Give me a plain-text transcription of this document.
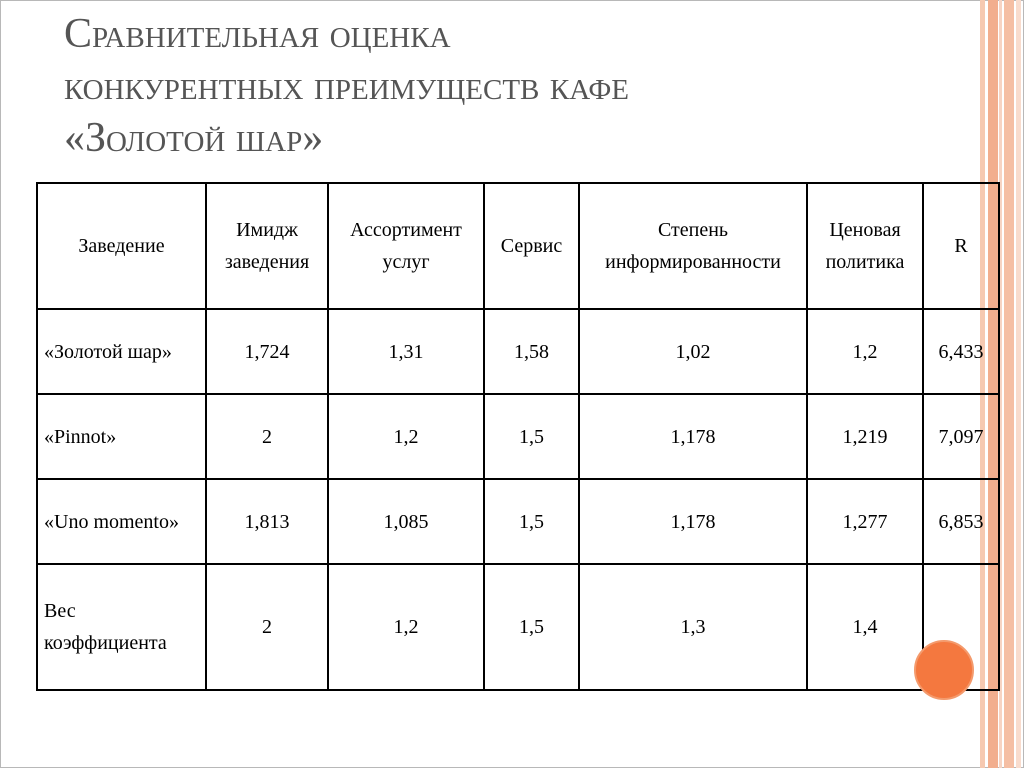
Сравнительная оценка
конкурентных преимуществ кафе
«Золотой шар»
Заведение	Имидж заведения	Ассортимент услуг	Сервис	Степень информированности	Ценовая политика	R
«Золотой шар»	1,724	1,31	1,58	1,02	1,2	6,433
«Pinnot»	2	1,2	1,5	1,178	1,219	7,097
«Uno momento»	1,813	1,085	1,5	1,178	1,277	6,853
Вес коэффициента	2	1,2	1,5	1,3	1,4	
